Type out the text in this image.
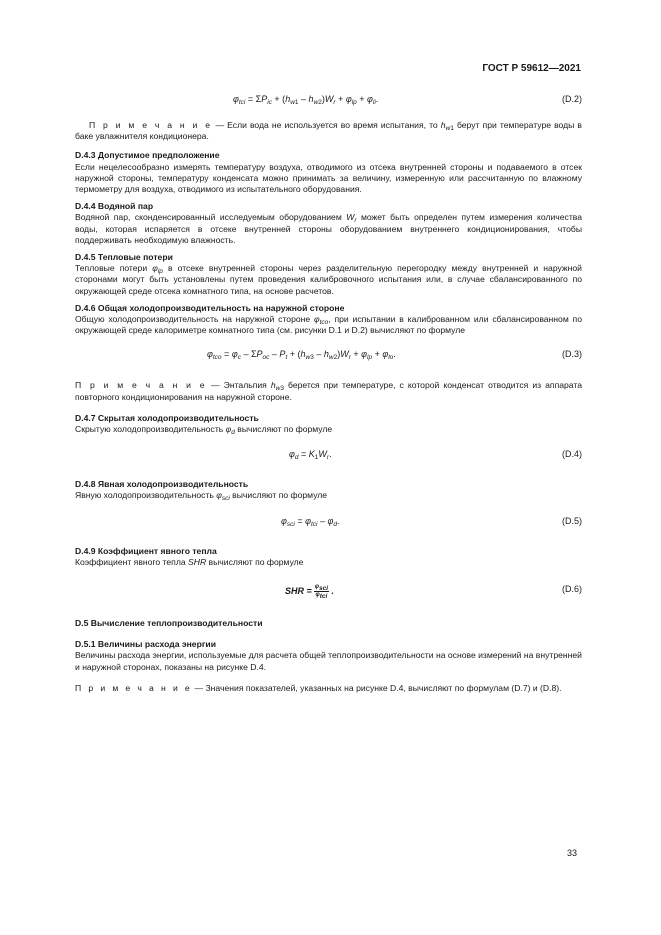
ГОСТ Р 59612—2021
$\varphi_{tci} = \Sigma P_{ic} + (h_{w1} - h_{w2})W_r + \varphi_{lp} + \varphi_{li}$.	(D.2)

П р и м е ч а н и е — Если вода не используется во время испытания, то $h_{w1}$ берут при температуре воды в баке увлажнителя кондиционера.

D.4.3 Допустимое предположение

Если нецелесообразно измерять температуру воздуха, отводимого из отсека внутренней стороны и подаваемого в отсек наружной стороны, температуру конденсата можно принимать за величину, измеренную или рассчитанную по влажному термометру для воздуха, отводимого из испытательного оборудования.

D.4.4 Водяной пар

Водяной пар, сконденсированный исследуемым оборудованием $W_r$ может быть определен путем измерения количества воды, которая испаряется в отсеке внутренней стороны оборудованием внутреннего кондиционирования, чтобы поддерживать необходимую влажность.

D.4.5 Тепловые потери

Тепловые потери $\varphi_{lp}$ в отсеке внутренней стороны через разделительную перегородку между внутренней и наружной сторонами могут быть установлены путем проведения калибровочного испытания или, в случае сбалансированного по окружающей среде отсека комнатного типа, на основе расчетов.

D.4.6 Общая холодопроизводительность на наружной стороне

Общую холодопроизводительность на наружной стороне $\varphi_{tco}$, при испытании в калиброванном или сбалансированном по окружающей среде калориметре комнатного типа (см. рисунки D.1 и D.2) вычисляют по формуле

$\varphi_{tco} = \varphi_c - \Sigma P_{oc} - P_t + (h_{w3} - h_{w2})W_r + \varphi_{lp} + \varphi_{lo}$.	(D.3)

П р и м е ч а н и е — Энтальпия $h_{w3}$ берется при температуре, с которой конденсат отводится из аппарата повторного кондиционирования на наружной стороне.

D.4.7 Скрытая холодопроизводительность

Скрытую холодопроизводительность $\varphi_d$ вычисляют по формуле

$\varphi_d = K_1W_r$.	(D.4)

D.4.8 Явная холодопроизводительность

Явную холодопроизводительность $\varphi_{sci}$ вычисляют по формуле

$\varphi_{sci} = \varphi_{tci} - \varphi_d$.	(D.5)

D.4.9 Коэффициент явного тепла

Коэффициент явного тепла SHR вычисляют по формуле

SHR = $\frac{\varphi_{sci}}{\varphi_{tci}}$ .	(D.6)

D.5 Вычисление теплопроизводительности

D.5.1 Величины расхода энергии

Величины расхода энергии, используемые для расчета общей теплопроизводительности на основе измерений на внутренней и наружной сторонах, показаны на рисунке D.4.

П р и м е ч а н и е — Значения показателей, указанных на рисунке D.4, вычисляют по формулам (D.7) и (D.8).

33
